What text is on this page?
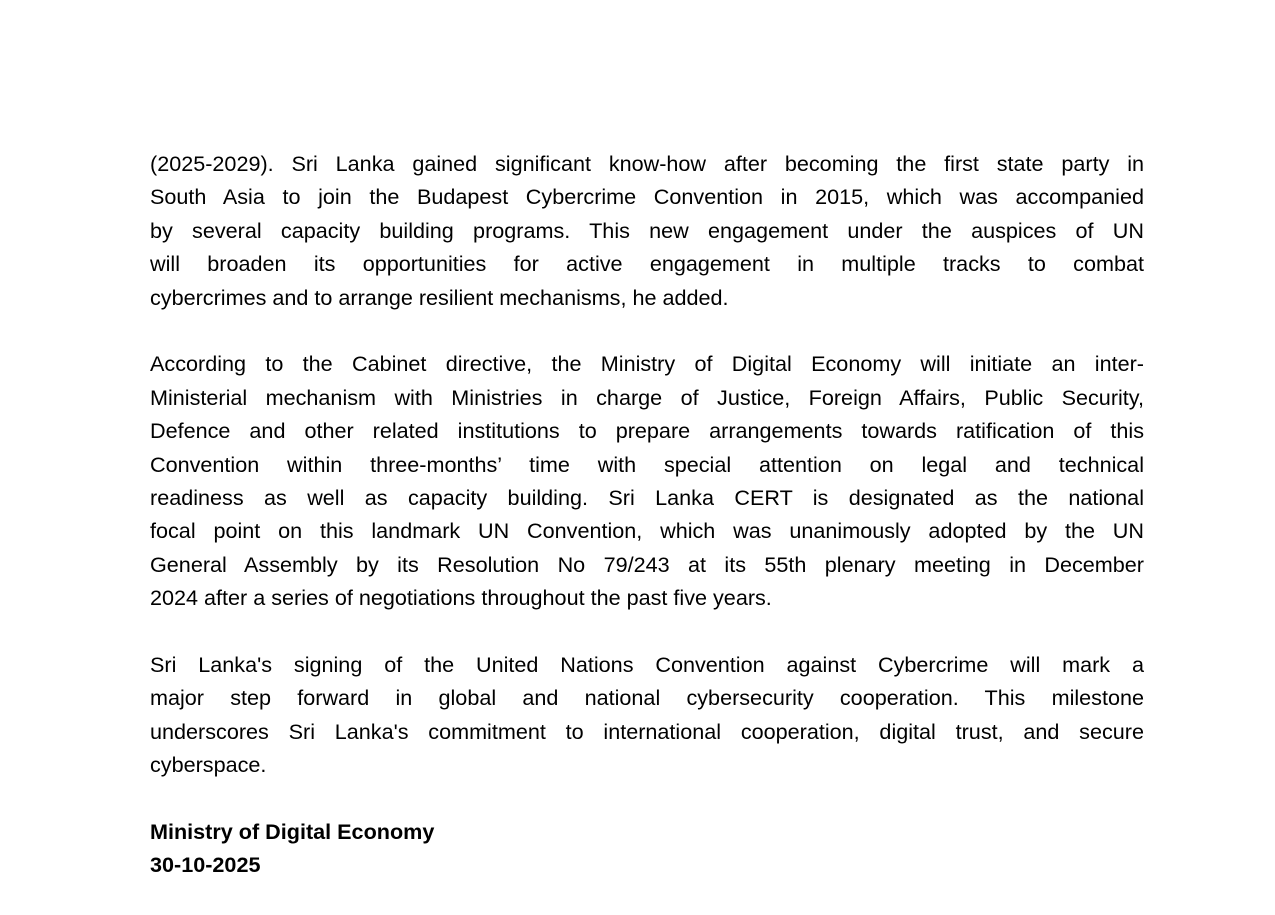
(2025-2029). Sri Lanka gained significant know-how after becoming the first state party in
South Asia to join the Budapest Cybercrime Convention in 2015, which was accompanied
by several capacity building programs. This new engagement under the auspices of UN
will broaden its opportunities for active engagement in multiple tracks to combat
cybercrimes and to arrange resilient mechanisms, he added.
According to the Cabinet directive, the Ministry of Digital Economy will initiate an inter-
Ministerial mechanism with Ministries in charge of Justice, Foreign Affairs, Public Security,
Defence and other related institutions to prepare arrangements towards ratification of this
Convention within three-months’ time with special attention on legal and technical
readiness as well as capacity building. Sri Lanka CERT is designated as the national
focal point on this landmark UN Convention, which was unanimously adopted by the UN
General Assembly by its Resolution No 79/243 at its 55th plenary meeting in December
2024 after a series of negotiations throughout the past five years.
Sri Lanka's signing of the United Nations Convention against Cybercrime will mark a
major step forward in global and national cybersecurity cooperation. This milestone
underscores Sri Lanka's commitment to international cooperation, digital trust, and secure
cyberspace.
Ministry of Digital Economy
30-10-2025
